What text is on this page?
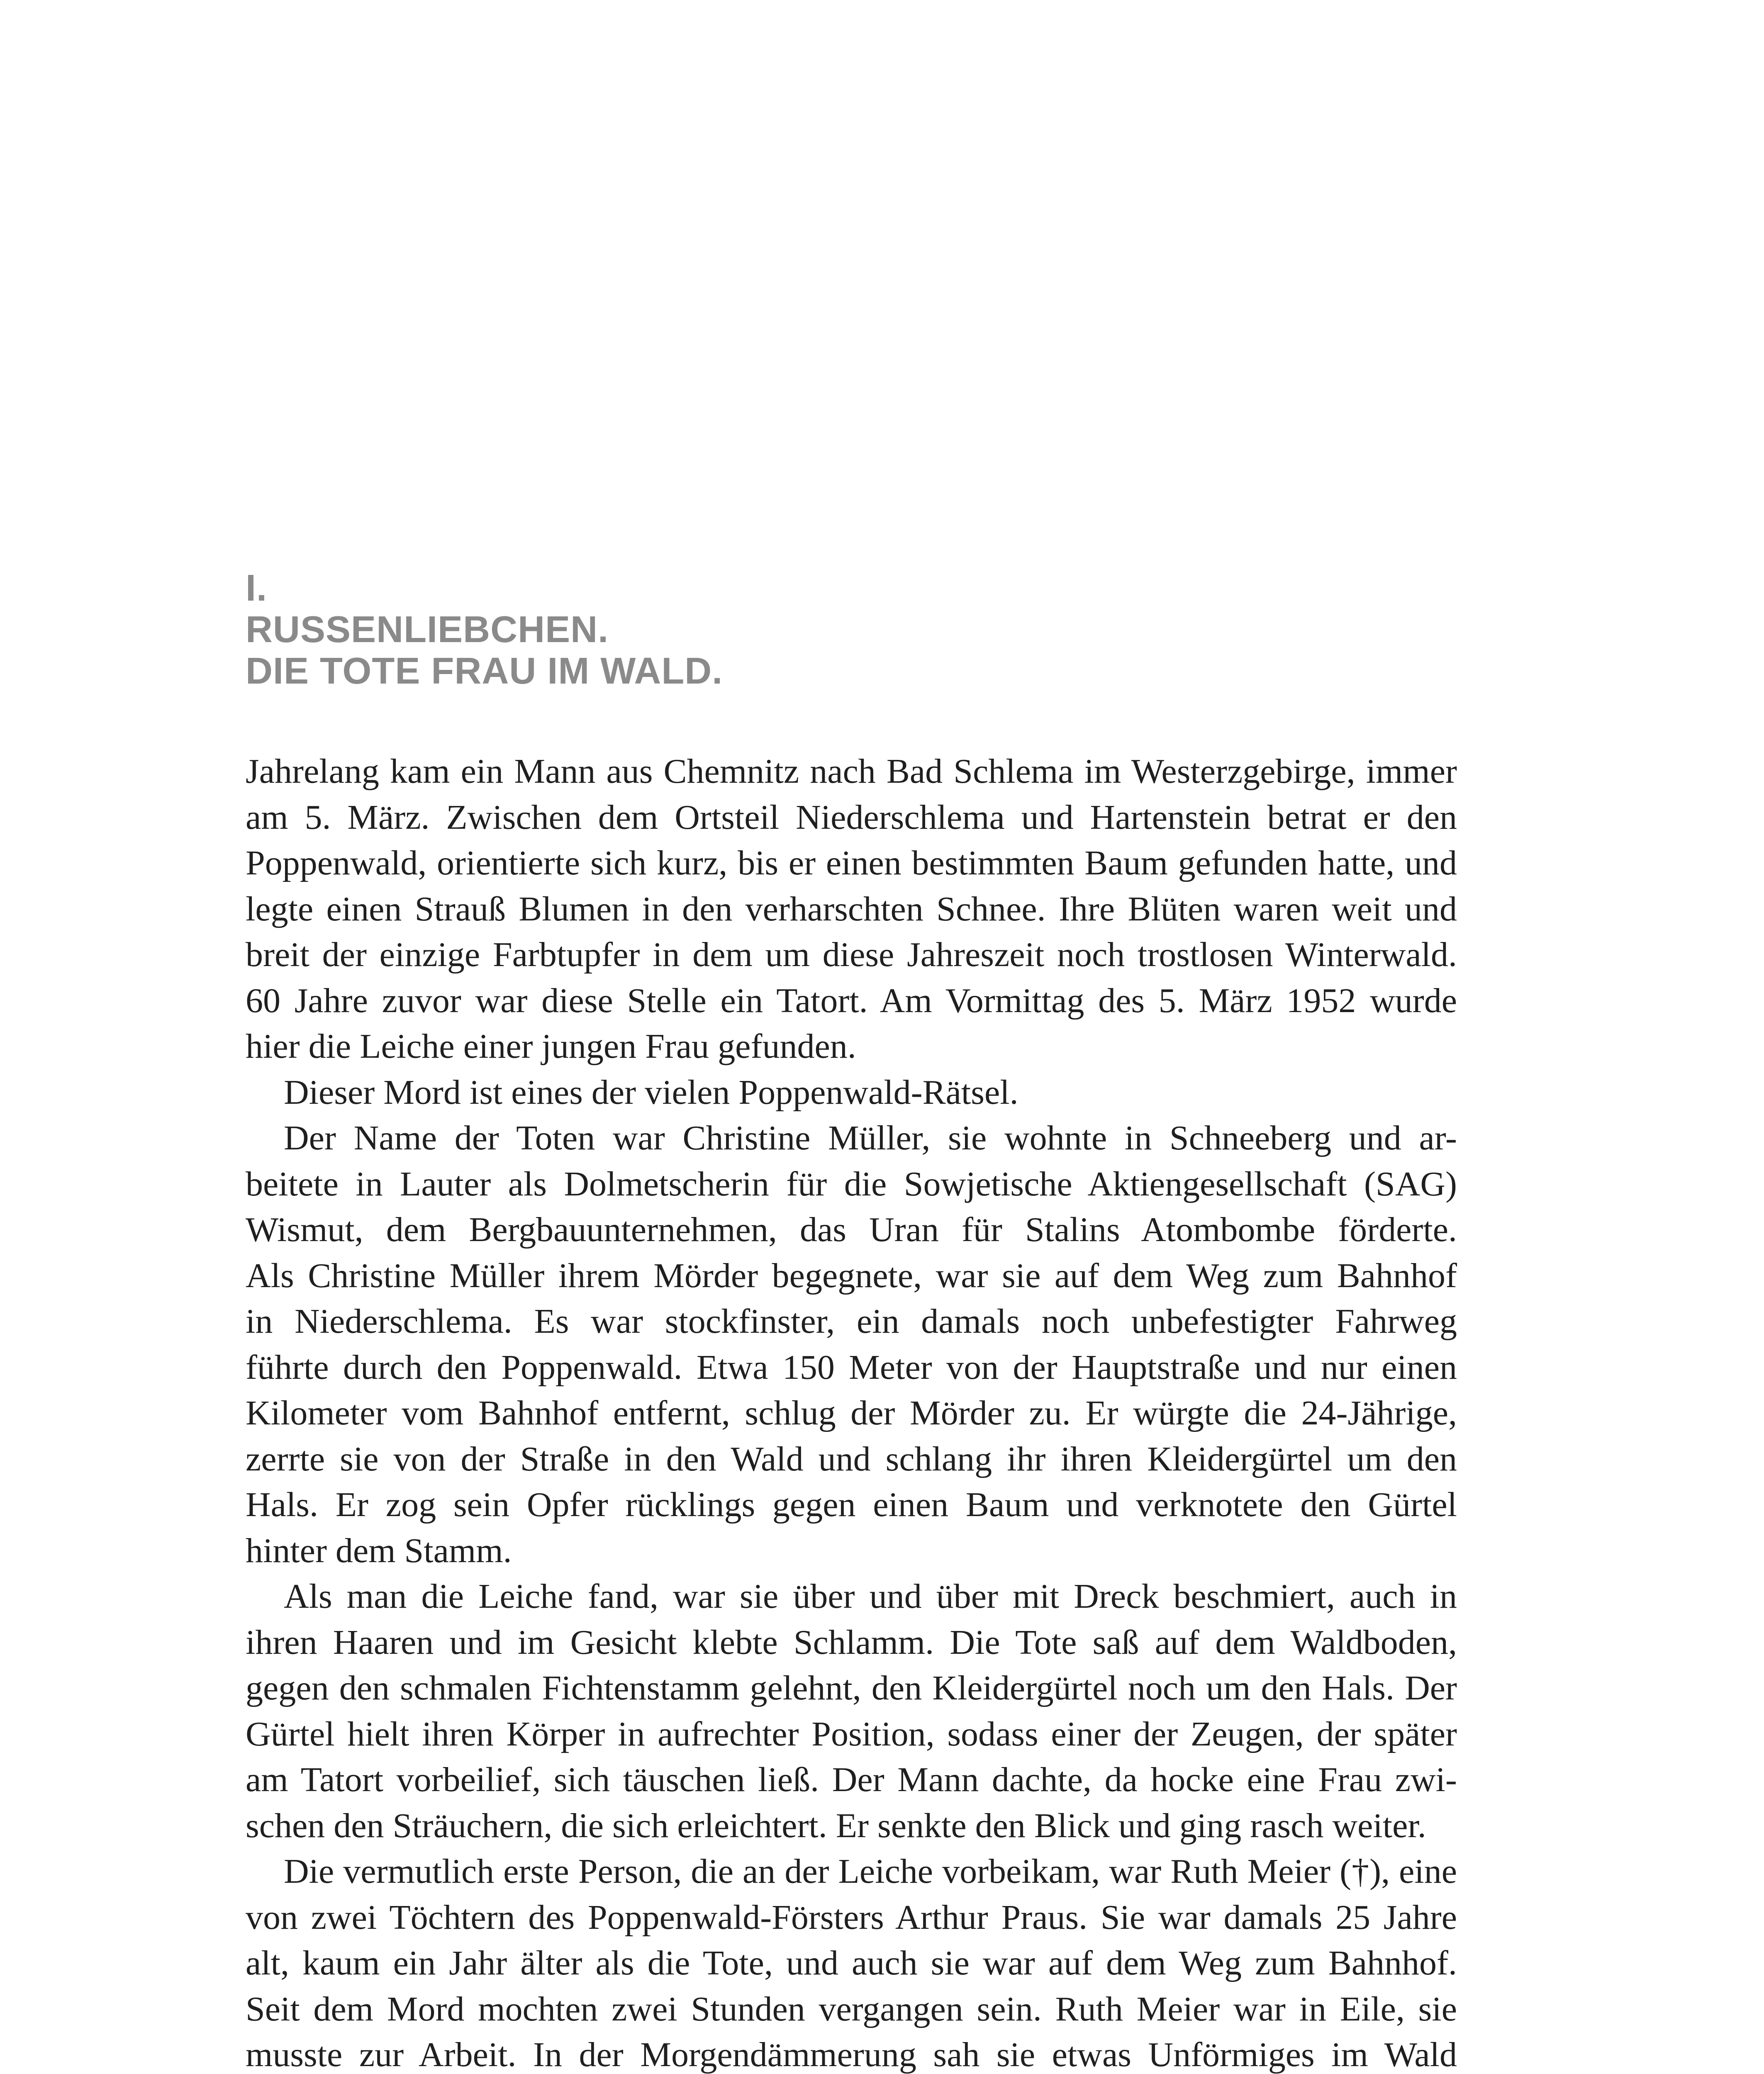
I.
RUSSENLIEBCHEN.
DIE TOTE FRAU IM WALD.
Jahrelang kam ein Mann aus Chemnitz nach Bad Schlema im Westerzgebirge, immer
am 5. März. Zwischen dem Ortsteil Niederschlema und Hartenstein betrat er den
Poppenwald, orientierte sich kurz, bis er einen bestimmten Baum gefunden hatte, und
legte einen Strauß Blumen in den verharschten Schnee. Ihre Blüten waren weit und
breit der einzige Farbtupfer in dem um diese Jahreszeit noch trostlosen Winterwald.
60 Jahre zuvor war diese Stelle ein Tatort. Am Vormittag des 5. März 1952 wurde
hier die Leiche einer jungen Frau gefunden.
Dieser Mord ist eines der vielen Poppenwald-Rätsel.
Der Name der Toten war Christine Müller, sie wohnte in Schneeberg und ar-
beitete in Lauter als Dolmetscherin für die Sowjetische Aktiengesellschaft (SAG)
Wismut, dem Bergbauunternehmen, das Uran für Stalins Atombombe förderte.
Als Christine Müller ihrem Mörder begegnete, war sie auf dem Weg zum Bahnhof
in Niederschlema. Es war stockfinster, ein damals noch unbefestigter Fahrweg
führte durch den Poppenwald. Etwa 150 Meter von der Hauptstraße und nur einen
Kilometer vom Bahnhof entfernt, schlug der Mörder zu. Er würgte die 24-Jährige,
zerrte sie von der Straße in den Wald und schlang ihr ihren Kleidergürtel um den
Hals. Er zog sein Opfer rücklings gegen einen Baum und verknotete den Gürtel
hinter dem Stamm.
Als man die Leiche fand, war sie über und über mit Dreck beschmiert, auch in
ihren Haaren und im Gesicht klebte Schlamm. Die Tote saß auf dem Waldboden,
gegen den schmalen Fichtenstamm gelehnt, den Kleidergürtel noch um den Hals. Der
Gürtel hielt ihren Körper in aufrechter Position, sodass einer der Zeugen, der später
am Tatort vorbeilief, sich täuschen ließ. Der Mann dachte, da hocke eine Frau zwi-
schen den Sträuchern, die sich erleichtert. Er senkte den Blick und ging rasch weiter.
Die vermutlich erste Person, die an der Leiche vorbeikam, war Ruth Meier (†), eine
von zwei Töchtern des Poppenwald-Försters Arthur Praus. Sie war damals 25 Jahre
alt, kaum ein Jahr älter als die Tote, und auch sie war auf dem Weg zum Bahnhof.
Seit dem Mord mochten zwei Stunden vergangen sein. Ruth Meier war in Eile, sie
musste zur Arbeit. In der Morgendämmerung sah sie etwas Unförmiges im Wald
